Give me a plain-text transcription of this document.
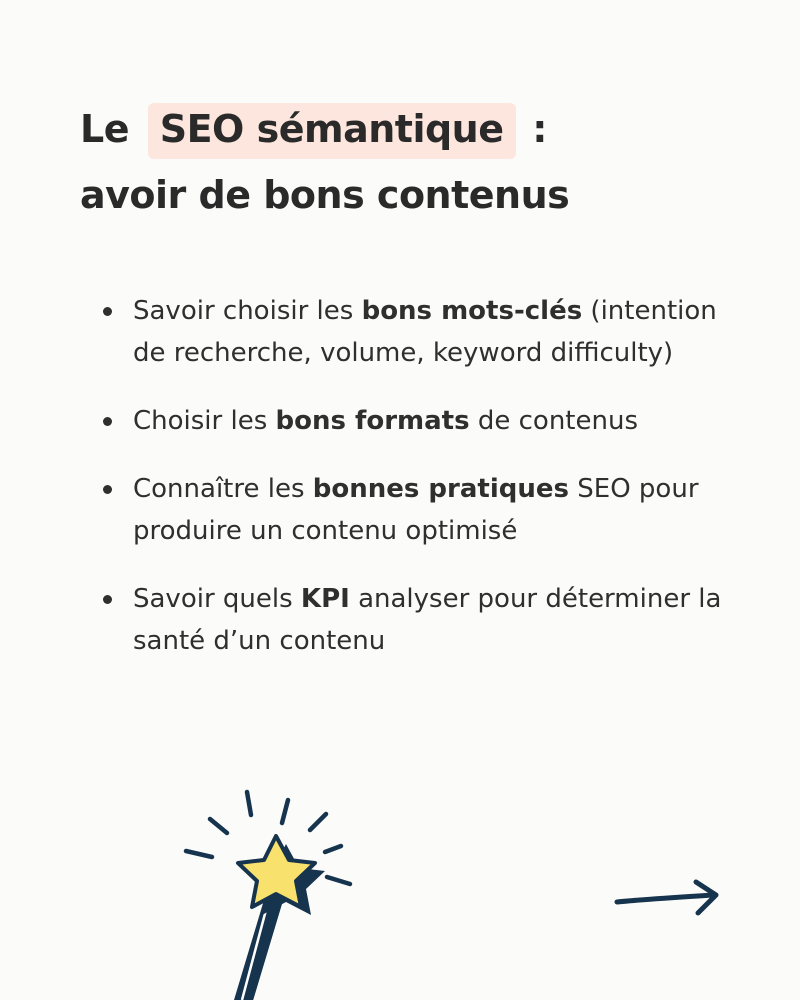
Le SEO sémantique :
avoir de bons contenus
Savoir choisir les bons mots-clés (intention de recherche, volume, keyword difficulty)
Choisir les bons formats de contenus
Connaître les bonnes pratiques SEO pour produire un contenu optimisé
Savoir quels KPI analyser pour déterminer la santé d’un contenu
